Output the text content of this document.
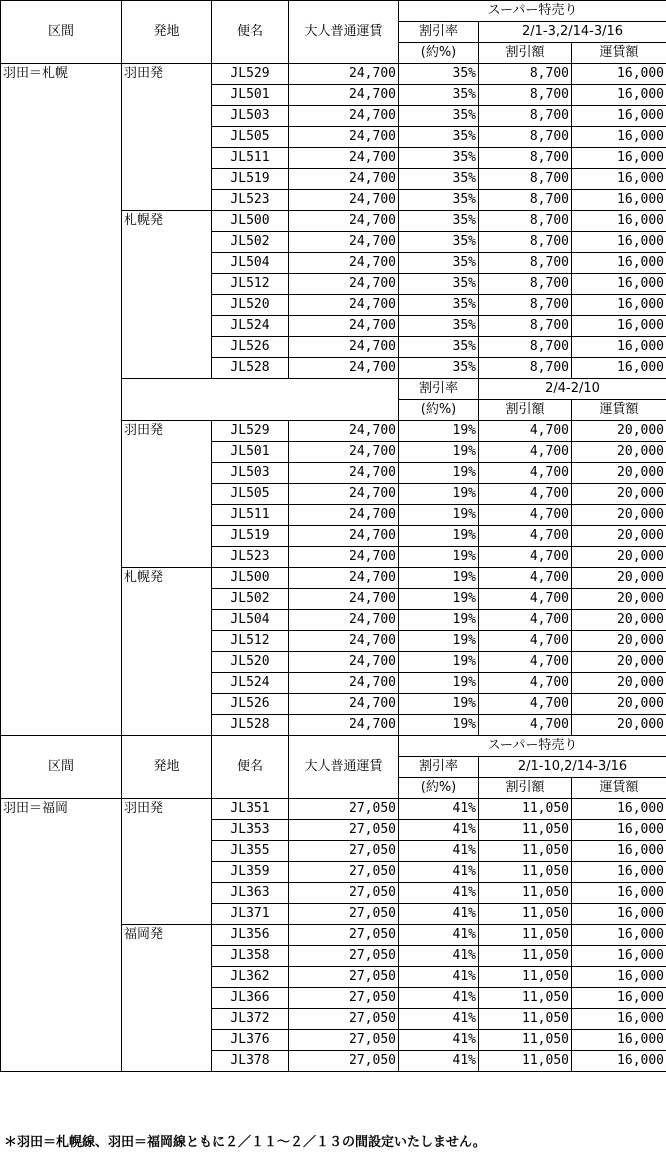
区間	発地	便名	大人普通運賃	スーパー特売り		
				割引率	2/1-3,2/14-3/16	
				(約%)	割引額	運賃額
羽田＝札幌	羽田発	JL529	24,700	35%	8,700	16,000
		JL501	24,700	35%	8,700	16,000
		JL503	24,700	35%	8,700	16,000
		JL505	24,700	35%	8,700	16,000
		JL511	24,700	35%	8,700	16,000
		JL519	24,700	35%	8,700	16,000
		JL523	24,700	35%	8,700	16,000
	札幌発	JL500	24,700	35%	8,700	16,000
		JL502	24,700	35%	8,700	16,000
		JL504	24,700	35%	8,700	16,000
		JL512	24,700	35%	8,700	16,000
		JL520	24,700	35%	8,700	16,000
		JL524	24,700	35%	8,700	16,000
		JL526	24,700	35%	8,700	16,000
		JL528	24,700	35%	8,700	16,000
				割引率	2/4-2/10	
				(約%)	割引額	運賃額
	羽田発	JL529	24,700	19%	4,700	20,000
		JL501	24,700	19%	4,700	20,000
		JL503	24,700	19%	4,700	20,000
		JL505	24,700	19%	4,700	20,000
		JL511	24,700	19%	4,700	20,000
		JL519	24,700	19%	4,700	20,000
		JL523	24,700	19%	4,700	20,000
	札幌発	JL500	24,700	19%	4,700	20,000
		JL502	24,700	19%	4,700	20,000
		JL504	24,700	19%	4,700	20,000
		JL512	24,700	19%	4,700	20,000
		JL520	24,700	19%	4,700	20,000
		JL524	24,700	19%	4,700	20,000
		JL526	24,700	19%	4,700	20,000
		JL528	24,700	19%	4,700	20,000
区間	発地	便名	大人普通運賃	スーパー特売り		
				割引率	2/1-10,2/14-3/16	
				(約%)	割引額	運賃額
羽田＝福岡	羽田発	JL351	27,050	41%	11,050	16,000
		JL353	27,050	41%	11,050	16,000
		JL355	27,050	41%	11,050	16,000
		JL359	27,050	41%	11,050	16,000
		JL363	27,050	41%	11,050	16,000
		JL371	27,050	41%	11,050	16,000
	福岡発	JL356	27,050	41%	11,050	16,000
		JL358	27,050	41%	11,050	16,000
		JL362	27,050	41%	11,050	16,000
		JL366	27,050	41%	11,050	16,000
		JL372	27,050	41%	11,050	16,000
		JL376	27,050	41%	11,050	16,000
		JL378	27,050	41%	11,050	16,000
＊羽田＝札幌線、羽田＝福岡線ともに２／１１～２／１３の間設定いたしません。
